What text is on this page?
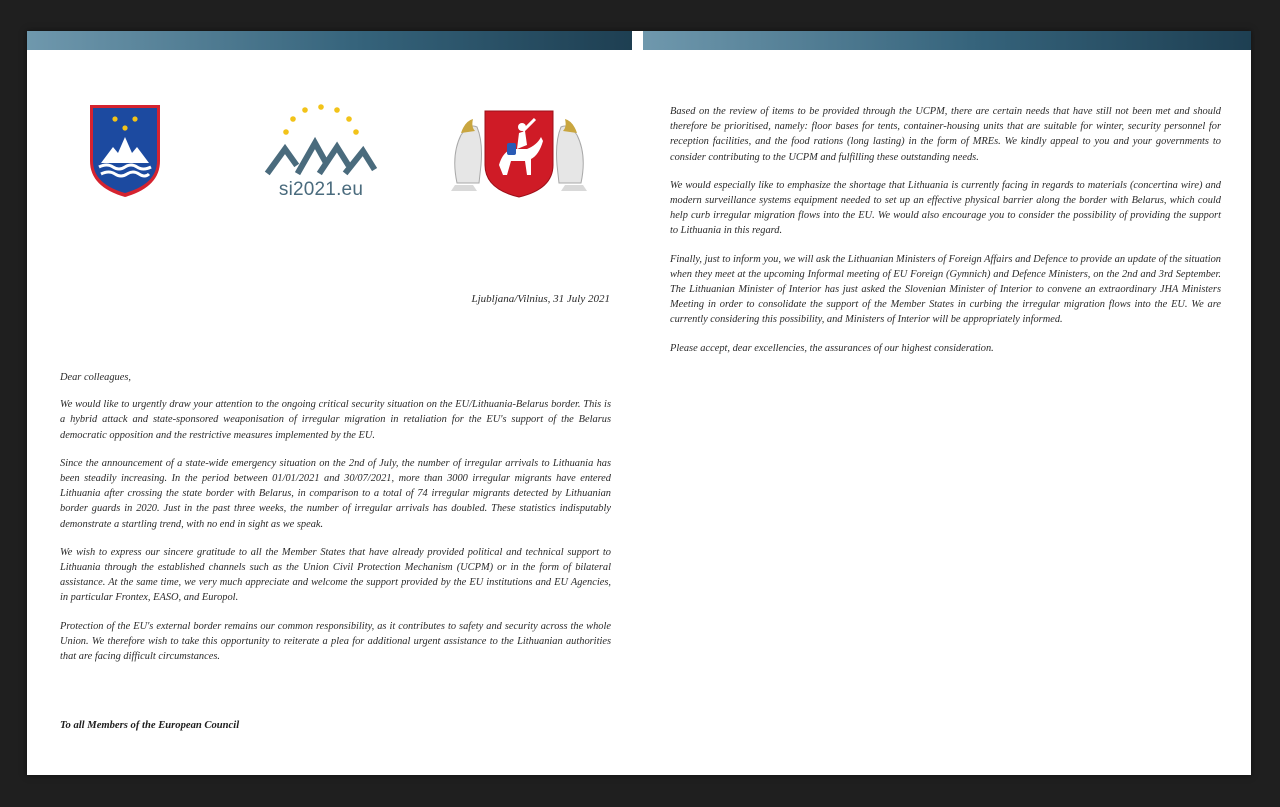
si2021.eu
Ljubljana/Vilnius, 31 July 2021

Dear colleagues,

We would like to urgently draw your attention to the ongoing critical security situation on the EU/Lithuania-Belarus border. This is a hybrid attack and state-sponsored weaponisation of irregular migration in retaliation for the EU's support of the Belarus democratic opposition and the restrictive measures implemented by the EU.

Since the announcement of a state-wide emergency situation on the 2nd of July, the number of irregular arrivals to Lithuania has been steadily increasing. In the period between 01/01/2021 and 30/07/2021, more than 3000 irregular migrants have entered Lithuania after crossing the state border with Belarus, in comparison to a total of 74 irregular migrants detected by Lithuanian border guards in 2020. Just in the past three weeks, the number of irregular arrivals has doubled. These statistics indisputably demonstrate a startling trend, with no end in sight as we speak.

We wish to express our sincere gratitude to all the Member States that have already provided political and technical support to Lithuania through the established channels such as the Union Civil Protection Mechanism (UCPM) or in the form of bilateral assistance. At the same time, we very much appreciate and welcome the support provided by the EU institutions and EU Agencies, in particular Frontex, EASO, and Europol.

Protection of the EU's external border remains our common responsibility, as it contributes to safety and security across the whole Union. We therefore wish to take this opportunity to reiterate a plea for additional urgent assistance to the Lithuanian authorities that are facing difficult circumstances.

To all Members of the European Council

Based on the review of items to be provided through the UCPM, there are certain needs that have still not been met and should therefore be prioritised, namely: floor bases for tents, container-housing units that are suitable for winter, security personnel for reception facilities, and the food rations (long lasting) in the form of MREs. We kindly appeal to you and your governments to consider contributing to the UCPM and fulfilling these outstanding needs.

We would especially like to emphasize the shortage that Lithuania is currently facing in regards to materials (concertina wire) and modern surveillance systems equipment needed to set up an effective physical barrier along the border with Belarus, which could help curb irregular migration flows into the EU. We would also encourage you to consider the possibility of providing the support to Lithuania in this regard.

Finally, just to inform you, we will ask the Lithuanian Ministers of Foreign Affairs and Defence to provide an update of the situation when they meet at the upcoming Informal meeting of EU Foreign (Gymnich) and Defence Ministers, on the 2nd and 3rd September. The Lithuanian Minister of Interior has just asked the Slovenian Minister of Interior to convene an extraordinary JHA Ministers Meeting in order to consolidate the support of the Member States in curbing the irregular migration flows into the EU. We are currently considering this possibility, and Ministers of Interior will be appropriately informed.

Please accept, dear excellencies, the assurances of our highest consideration.
